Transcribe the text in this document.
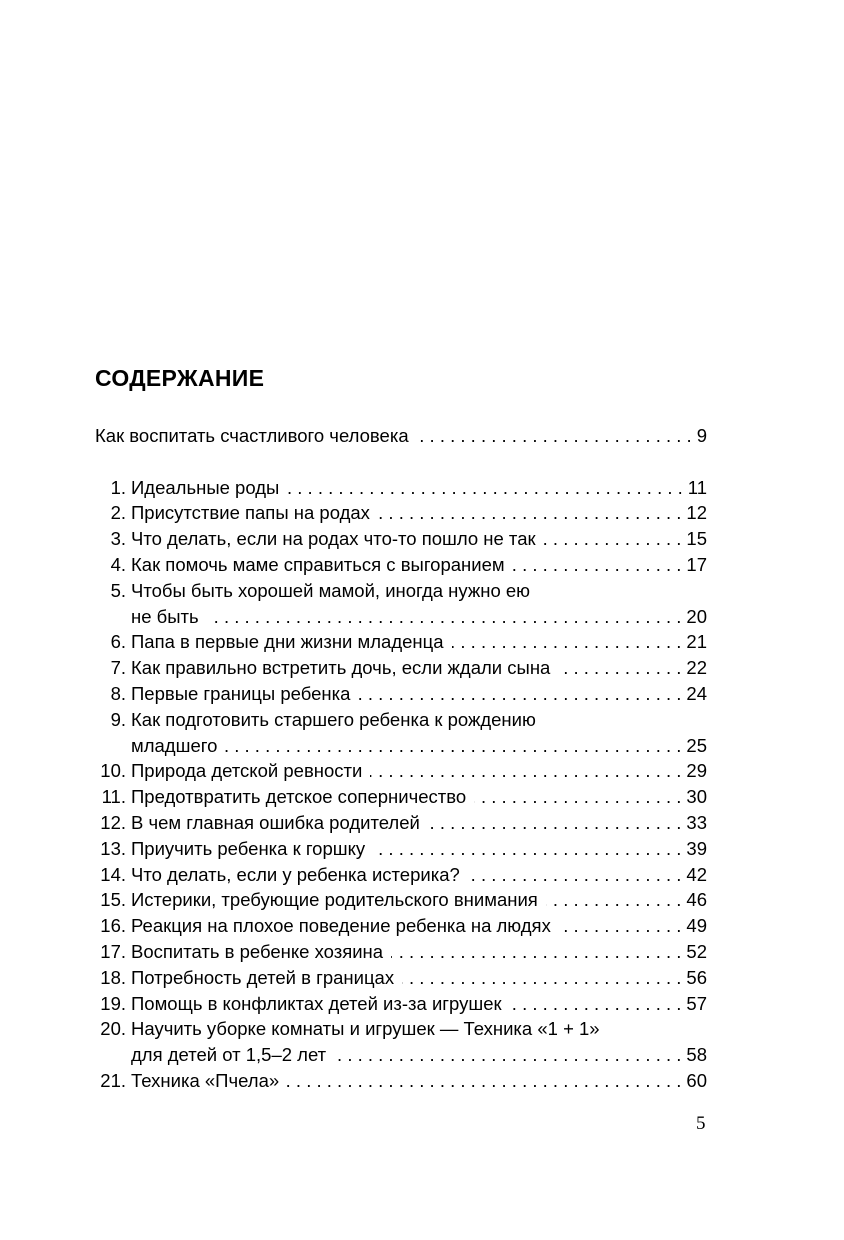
СОДЕРЖАНИЕ
Как воспитать счастливого человека . . .	9
1. Идеальные роды . . .	11
2. Присутствие папы на родах . . .	12
3. Что делать, если на родах что-то пошло не так . . .	15
4. Как помочь маме справиться с выгоранием . . .	17
5. Чтобы быть хорошей мамой, иногда нужно ею
не быть . . .	20
6. Папа в первые дни жизни младенца . . .	21
7. Как правильно встретить дочь, если ждали сына . . .	22
8. Первые границы ребенка . . .	24
9. Как подготовить старшего ребенка к рождению
младшего . . .	25
10. Природа детской ревности . . .	29
11. Предотвратить детское соперничество . . .	30
12. В чем главная ошибка родителей . . .	33
13. Приучить ребенка к горшку . . .	39
14. Что делать, если у ребенка истерика? . . .	42
15. Истерики, требующие родительского внимания . . .	46
16. Реакция на плохое поведение ребенка на людях . . .	49
17. Воспитать в ребенке хозяина . . .	52
18. Потребность детей в границах . . .	56
19. Помощь в конфликтах детей из-за игрушек . . .	57
20. Научить уборке комнаты и игрушек — Техника «1 + 1»
для детей от 1,5–2 лет . . .	58
21. Техника «Пчела» . . .	60
5
